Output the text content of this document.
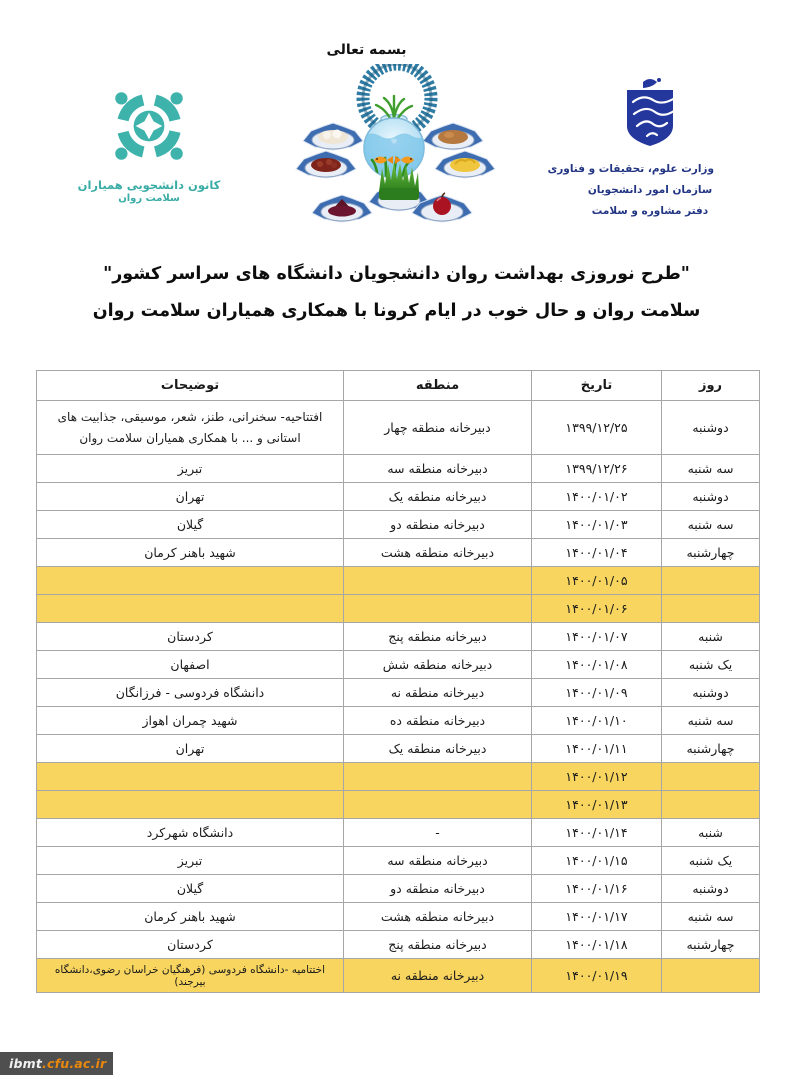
بسمه تعالی
کانون دانشجویی همیاران
سلامت روان
وزارت علوم، تحقیقات و فناوری
سازمان امور دانشجویان
دفتر مشاوره و سلامت
"طرح نوروزی بهداشت روان دانشجویان دانشگاه های سراسر کشور"
سلامت روان و حال خوب در ایام کرونا با همکاری همیاران سلامت روان
روز	تاریخ	منطقه	توضیحات
دوشنبه	۱۳۹۹/۱۲/۲۵	دبیرخانه منطقه چهار	افتتاحیه- سخنرانی، طنز، شعر، موسیقی، جذابیت های استانی و ... با همکاری همیاران سلامت روان
سه شنبه	۱۳۹۹/۱۲/۲۶	دبیرخانه منطقه سه	تبریز
دوشنبه	۱۴۰۰/۰۱/۰۲	دبیرخانه منطقه یک	تهران
سه شنبه	۱۴۰۰/۰۱/۰۳	دبیرخانه منطقه دو	گیلان
چهارشنبه	۱۴۰۰/۰۱/۰۴	دبیرخانه منطقه هشت	شهید باهنر کرمان
	۱۴۰۰/۰۱/۰۵		
	۱۴۰۰/۰۱/۰۶		
شنبه	۱۴۰۰/۰۱/۰۷	دبیرخانه منطقه پنج	کردستان
یک شنبه	۱۴۰۰/۰۱/۰۸	دبیرخانه منطقه شش	اصفهان
دوشنبه	۱۴۰۰/۰۱/۰۹	دبیرخانه منطقه نه	دانشگاه فردوسی - فرزانگان
سه شنبه	۱۴۰۰/۰۱/۱۰	دبیرخانه منطقه ده	شهید چمران اهواز
چهارشنبه	۱۴۰۰/۰۱/۱۱	دبیرخانه منطقه یک	تهران
	۱۴۰۰/۰۱/۱۲		
	۱۴۰۰/۰۱/۱۳		
شنبه	۱۴۰۰/۰۱/۱۴	-	دانشگاه شهرکرد
یک شنبه	۱۴۰۰/۰۱/۱۵	دبیرخانه منطقه سه	تبریز
دوشنبه	۱۴۰۰/۰۱/۱۶	دبیرخانه منطقه دو	گیلان
سه شنبه	۱۴۰۰/۰۱/۱۷	دبیرخانه منطقه هشت	شهید باهنر کرمان
چهارشنبه	۱۴۰۰/۰۱/۱۸	دبیرخانه منطقه پنج	کردستان
	۱۴۰۰/۰۱/۱۹	دبیرخانه منطقه نه	اختتامیه -دانشگاه فردوسی (فرهنگیان خراسان رضوی،دانشگاه بیرجند)
ibmt .cfu.ac.ir
